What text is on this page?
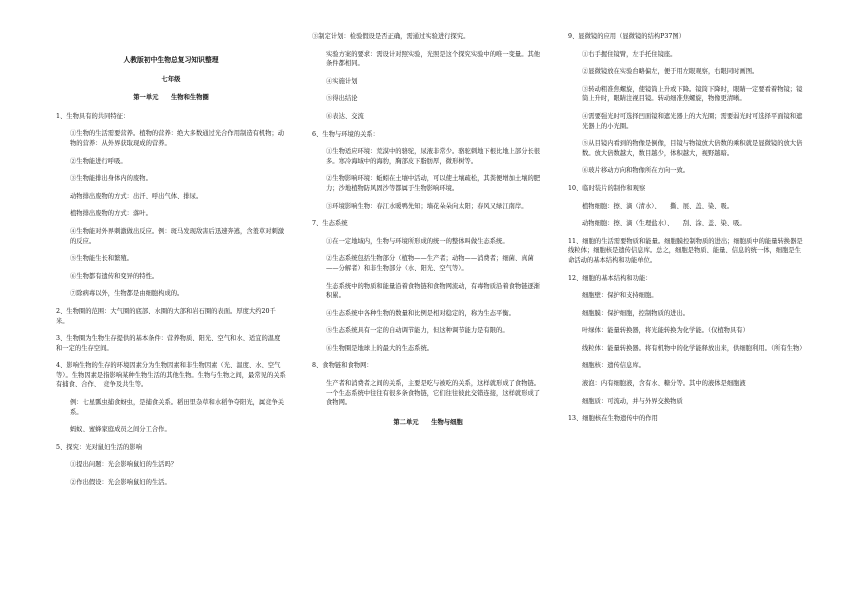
人教版初中生物总复习知识整理

七年级

第一单元　　生物和生物圈

1、生物具有的共同特征：

①生物的生活需要营养。植物的营养：绝大多数通过光合作用制造有机物；动物的营养：从外界获取现成的营养。

②生物能进行呼吸。

③生物能排出身体内的废物。

动物排出废物的方式：出汗、呼出气体、排尿。

植物排出废物的方式：落叶。

④生物能对外界刺激做出反应。例：斑马发现敌害后迅速奔逃，含羞草对刺激的反应。

⑤生物能生长和繁殖。

⑥生物都有遗传和变异的特性。

⑦除病毒以外，生物都是由细胞构成的。

2、生物圈的范围：大气圈的底部、水圈的大部和岩石圈的表面。厚度大约20千米。

3、生物圈为生物生存提供的基本条件：营养物质、阳光、空气和水、适宜的温度和一定的生存空间。

4、影响生物的生存的环境因素分为生物因素和非生物因素（光、温度、水、空气等）。生物因素是指影响某种生物生活的其他生物。生物与生物之间，最常见的关系有捕食、合作、　竞争及共生等。

例：七星瓢虫捕食蚜虫，是捕食关系。稻田里杂草和水稻争夺阳光，属竞争关系。

蚂蚁、蜜蜂家庭成员之间分工合作。

5、探究：光对鼠妇生活的影响

①提出问题：光会影响鼠妇的生活吗？

②作出假设：光会影响鼠妇的生活。

③制定计划：检验假设是否正确，需通过实验进行探究。

实验方案的要求：需设计对照实验，光照是这个探究实验中的唯一变量。其他条件都相同。

④实施计划

⑤得出结论

⑥表达、交流

6、生物与环境的关系：

①生物适应环境：荒漠中的骆驼，尿液非常少。骆驼刺地下根比地上部分长很多。寒冷海域中的海豹，胸部皮下脂肪厚，微形树等。

②生物影响环境：蚯蚓在土壤中活动，可以使土壤疏松，其粪便增加土壤的肥力；沙地植物防风固沙等都属于生物影响环境。

③环境影响生物：春江水暖鸭先知；墙花朵朵向太阳；春风又绿江南岸。

7、生态系统

①在一定地域内，生物与环境所形成的统一的整体叫做生态系统。

②生态系统包括生物部分（植物——生产者；动物——消费者；细菌、真菌——分解者）和非生物部分（水、阳光、空气等）。

生态系统中的物质和能量沿着食物链和食物网流动，有毒物质沿着食物链逐渐积累。

④生态系统中各种生物的数量和比例是相对稳定的，称为生态平衡。

⑤生态系统具有一定的自动调节能力，但这种调节能力是有限的。

⑥生物圈是地球上的最大的生态系统。

8、食物链和食物网：

生产者和消费者之间的关系，主要是吃与被吃的关系，这样就形成了食物链。一个生态系统中往往有很多条食物链，它们往往彼此交错连接，这样就形成了食物网。

第二单元　　生物与细胞

9、显微镜的应用（显微镜的结构P37图）

①右手握住镜臂，左手托住镜座。

②显微镜放在实验台略偏左，便于用左眼观察，右眼同时画图。

③转动粗准焦螺旋，使镜筒上升或下降。镜筒下降时，眼睛一定要看着物镜；镜筒上升时，眼睛注视目镜。转动细准焦螺旋，物像更清晰。

④需要强光时可选择凹面镜和遮光器上的大光圈；需要弱光时可选择平面镜和遮光器上的小光圈。

⑤从目镜内看到的物像是倒像，目镜与物镜放大倍数的乘积就是显微镜的放大倍数。放大倍数越大，数目越少，体积越大，视野越暗。

⑥玻片移动方向和物像所在方向一致。

10、临时装片的制作和观察

植物细胞：擦、滴（清水）、　　撕、展、盖、染、吸。

动物细胞：擦、滴（生理盐水）、　　刮、涂、盖、染、吸。

11、细胞的生活需要物质和能量。细胞膜控制物质的进出；细胞质中的能量转换器是线粒体；细胞核是遗传信息库。总之，细胞是物质、能量、信息的统一体，细胞是生命活动的基本结构和功能单位。

12、细胞的基本结构和功能：

细胞壁：保护和支持细胞。

细胞膜：保护细胞，控制物质的进出。

叶绿体：能量转换器，将光能转换为化学能。（仅植物具有）

线粒体：能量转换器。将有机物中的化学能释放出来，供细胞利用。（所有生物）

细胞核：遗传信息库。

液泡：内有细胞液，含有水、糖分等。其中的液体是细胞液

细胞质：可流动，并与外界交换物质

13、细胞核在生物遗传中的作用
